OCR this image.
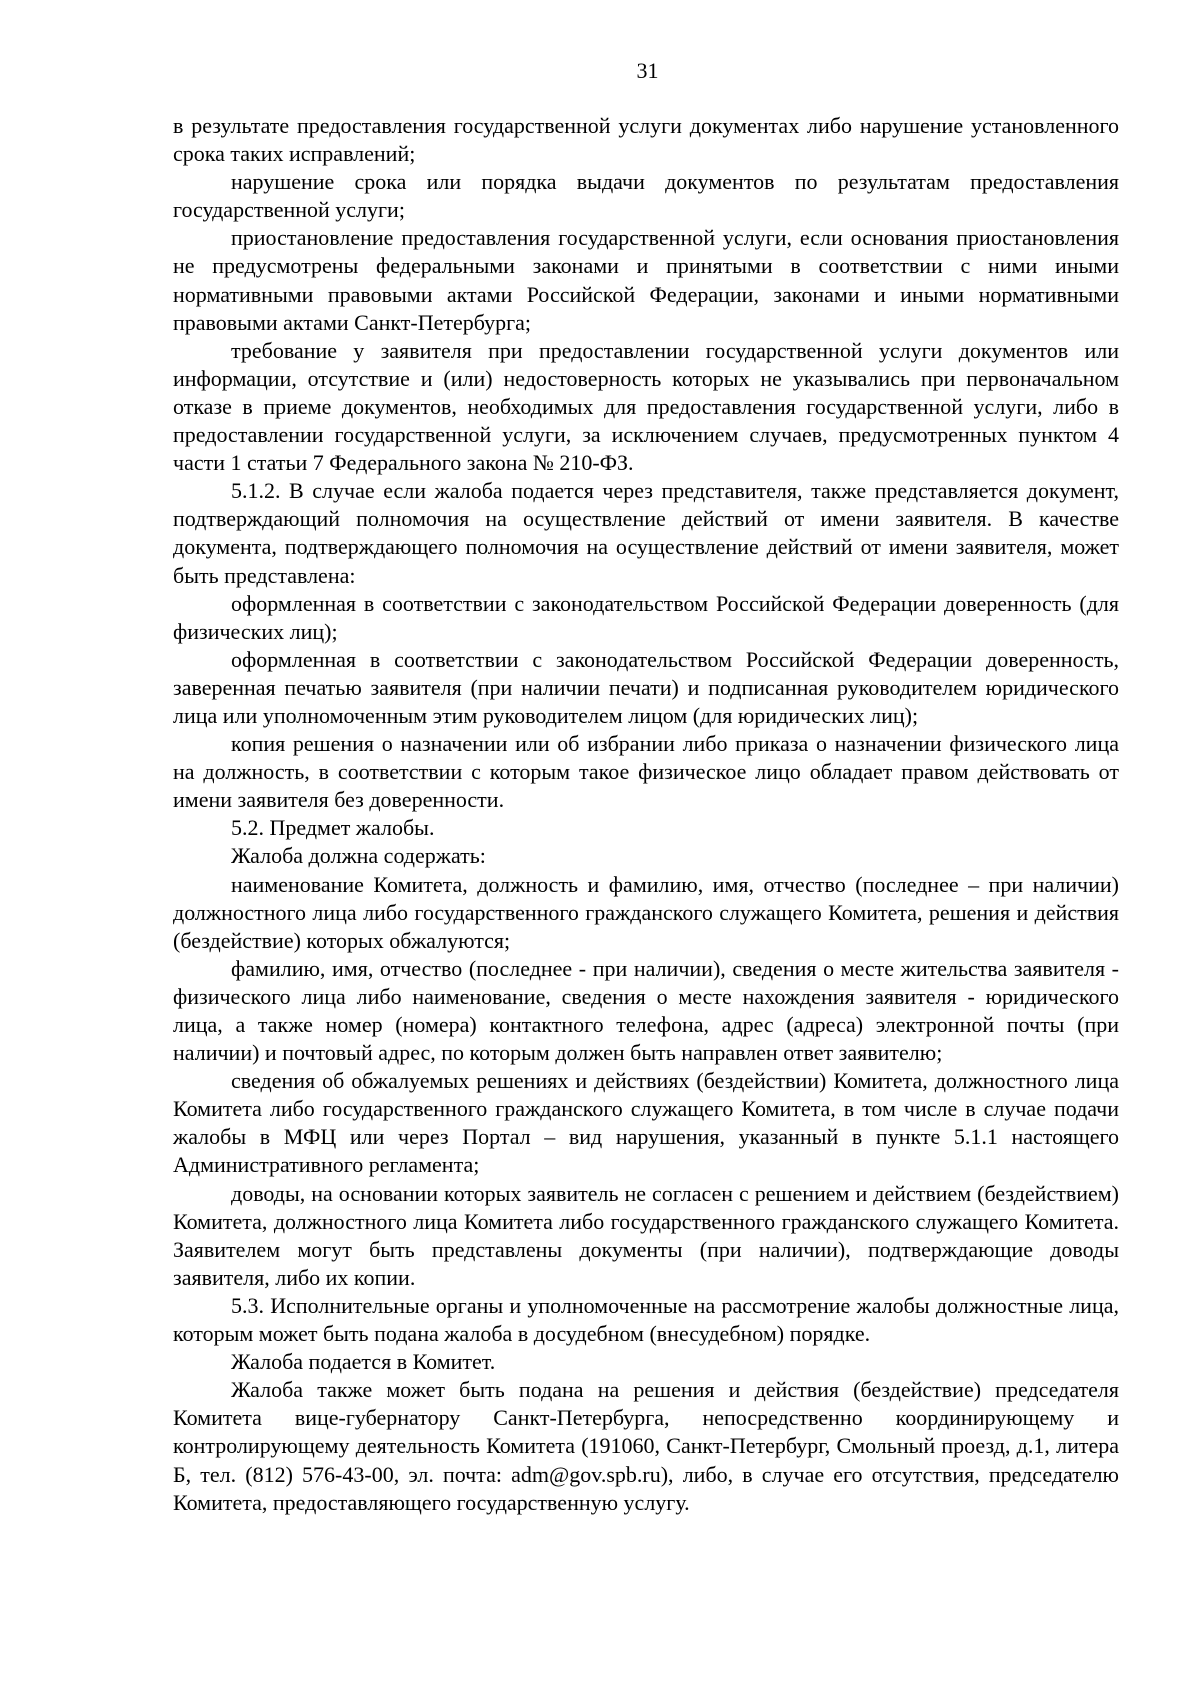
31

в результате предоставления государственной услуги документах либо нарушение установленного срока таких исправлений;

нарушение срока или порядка выдачи документов по результатам предоставления государственной услуги;

приостановление предоставления государственной услуги, если основания приостановления не предусмотрены федеральными законами и принятыми в соответствии с ними иными нормативными правовыми актами Российской Федерации, законами и иными нормативными правовыми актами Санкт-Петербурга;

требование у заявителя при предоставлении государственной услуги документов или информации, отсутствие и (или) недостоверность которых не указывались при первоначальном отказе в приеме документов, необходимых для предоставления государственной услуги, либо в предоставлении государственной услуги, за исключением случаев, предусмотренных пунктом 4 части 1 статьи 7 Федерального закона № 210-ФЗ.

5.1.2. В случае если жалоба подается через представителя, также представляется документ, подтверждающий полномочия на осуществление действий от имени заявителя. В качестве документа, подтверждающего полномочия на осуществление действий от имени заявителя, может быть представлена:

оформленная в соответствии с законодательством Российской Федерации доверенность (для физических лиц);

оформленная в соответствии с законодательством Российской Федерации доверенность, заверенная печатью заявителя (при наличии печати) и подписанная руководителем юридического лица или уполномоченным этим руководителем лицом (для юридических лиц);

копия решения о назначении или об избрании либо приказа о назначении физического лица на должность, в соответствии с которым такое физическое лицо обладает правом действовать от имени заявителя без доверенности.

5.2. Предмет жалобы.

Жалоба должна содержать:

наименование Комитета, должность и фамилию, имя, отчество (последнее – при наличии) должностного лица либо государственного гражданского служащего Комитета, решения и действия (бездействие) которых обжалуются;

фамилию, имя, отчество (последнее - при наличии), сведения о месте жительства заявителя - физического лица либо наименование, сведения о месте нахождения заявителя - юридического лица, а также номер (номера) контактного телефона, адрес (адреса) электронной почты (при наличии) и почтовый адрес, по которым должен быть направлен ответ заявителю;

сведения об обжалуемых решениях и действиях (бездействии) Комитета, должностного лица Комитета либо государственного гражданского служащего Комитета, в том числе в случае подачи жалобы в МФЦ или через Портал – вид нарушения, указанный в пункте 5.1.1 настоящего Административного регламента;

доводы, на основании которых заявитель не согласен с решением и действием (бездействием) Комитета, должностного лица Комитета либо государственного гражданского служащего Комитета. Заявителем могут быть представлены документы (при наличии), подтверждающие доводы заявителя, либо их копии.

5.3. Исполнительные органы и уполномоченные на рассмотрение жалобы должностные лица, которым может быть подана жалоба в досудебном (внесудебном) порядке.

Жалоба подается в Комитет.

Жалоба также может быть подана на решения и действия (бездействие) председателя Комитета вице-губернатору Санкт-Петербурга, непосредственно координирующему и контролирующему деятельность Комитета (191060, Санкт-Петербург, Смольный проезд, д.1, литера Б, тел. (812) 576-43-00, эл. почта: adm@gov.spb.ru), либо, в случае его отсутствия, председателю Комитета, предоставляющего государственную услугу.
